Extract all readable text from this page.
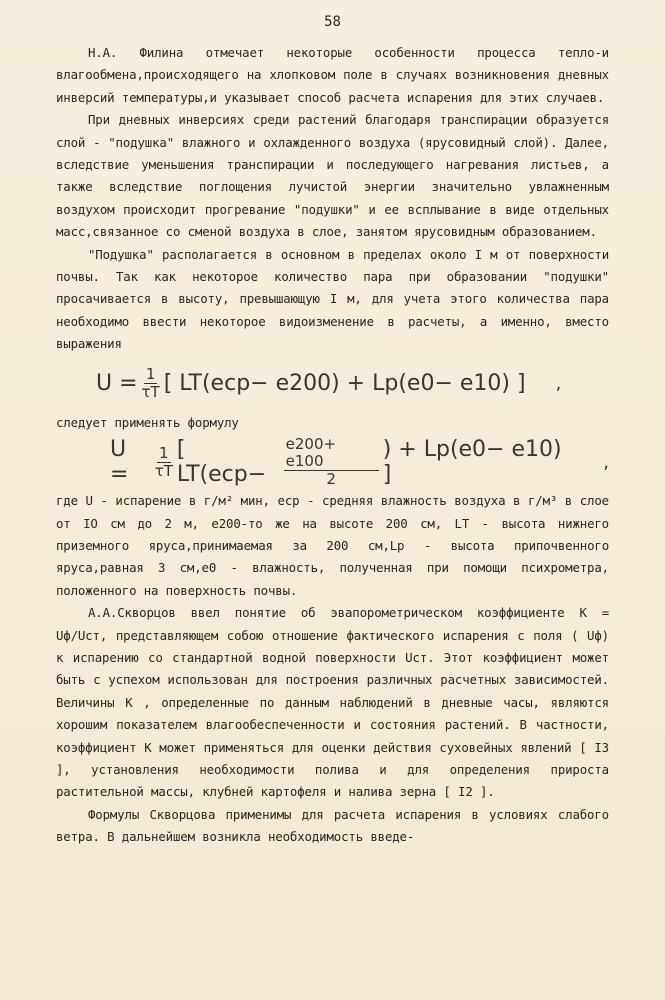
58

Н.А. Филина отмечает некоторые особенности процесса тепло-и влагообмена,происходящего на хлопковом поле в случаях возникновения дневных инверсий температуры,и указывает способ расчета испарения для этих случаев.

При дневных инверсиях среди растений благодаря транспирации образуется слой - "подушка" влажного и охлажденного воздуха (ярусовидный слой). Далее, вследствие уменьшения транспирации и последующего нагревания листьев, а также вследствие поглощения лучистой энергии значительно увлажненным воздухом происходит прогревание "подушки" и ее всплывание в виде отдельных масс,связанное со сменой воздуха в слое, занятом ярусовидным образованием.

"Подушка" располагается в основном в пределах около I м от поверхности почвы. Так как некоторое количество пара при образовании "подушки" просачивается в высоту, превышающую I м, для учета этого количества пара необходимо ввести некоторое видоизменение в расчеты, а именно, вместо выражения

$U = \frac{1}{\tau T}$ [ LT(eср− e200) + Lp(e0− e10) ] ,

следует применять формулу

U =	$\frac{1}{\tau T}$ [ LT(eср−	$\frac{e200+ e100}{2}$ ) + Lp(e0− e10) ]	,

где U - испарение в г/м² мин, eср - средняя влажность воздуха в г/м³ в слое от IO см до 2 м, e200-то же на высоте 200 см, LT - высота нижнего приземного яруса,принимаемая за 200 см,Lp - высота припочвенного яруса,равная 3 см,e0 - влажность, полученная при помощи психрометра, положенного на поверхность почвы.

А.А.Скворцов ввел понятие об эвапорометрическом коэффициенте K = Uф/Uст, представляющем собою отношение фактического испарения с поля ( Uф) к испарению со стандартной водной поверхности Uст. Этот коэффициент может быть с успехом использован для построения различных расчетных зависимостей. Величины K , определенные по данным наблюдений в дневные часы, являются хорошим показателем влагообеспеченности и состояния растений. В частности, коэффициент K может применяться для оценки действия суховейных явлений [ I3 ], установления необходимости полива и для определения прироста растительной массы, клубней картофеля и налива зерна [ I2 ].

Формулы Скворцова применимы для расчета испарения в условиях слабого ветра. В дальнейшем возникла необходимость введе-
